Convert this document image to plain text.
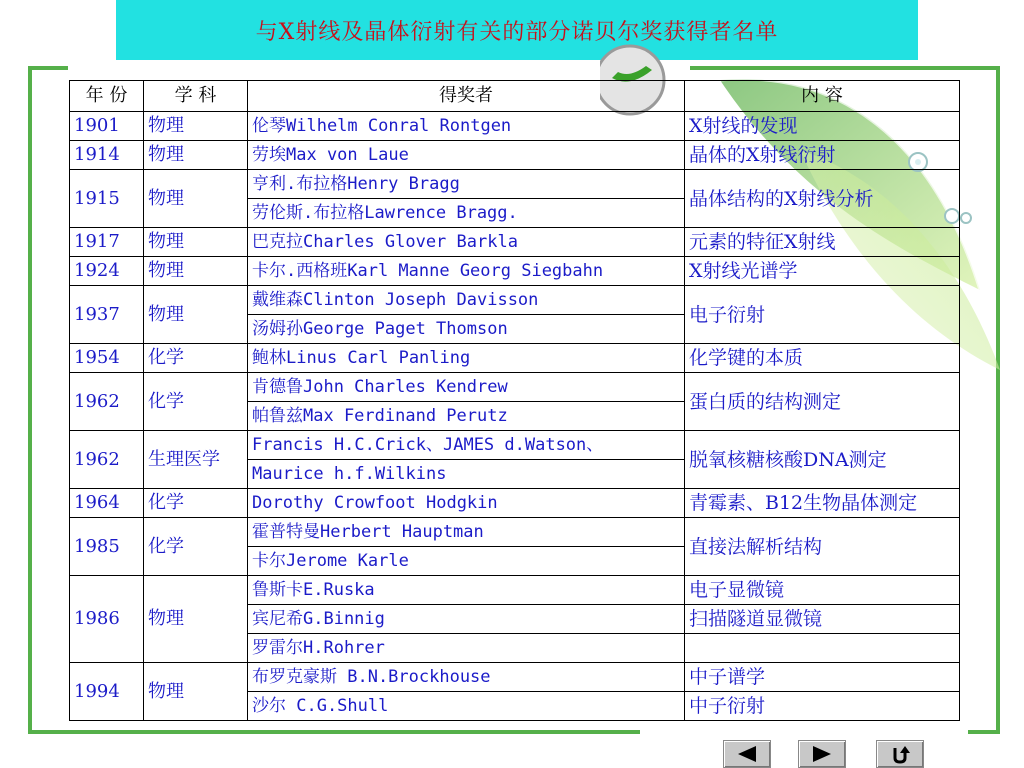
与X射线及晶体衍射有关的部分诺贝尔奖获得者名单
年 份	学 科	得奖者	内 容
1901	物理	伦琴Wilhelm Conral Rontgen	X射线的发现
1914	物理	劳埃Max von Laue	晶体的X射线衍射
1915	物理	亨利.布拉格Henry Bragg	晶体结构的X射线分析
		劳伦斯.布拉格Lawrence Bragg.	
1917	物理	巴克拉Charles Glover Barkla	元素的特征X射线
1924	物理	卡尔.西格班Karl Manne Georg Siegbahn	X射线光谱学
1937	物理	戴维森Clinton Joseph Davisson	电子衍射
		汤姆孙George Paget Thomson	
1954	化学	鲍林Linus Carl Panling	化学键的本质
1962	化学	肯德鲁John Charles Kendrew	蛋白质的结构测定
		帕鲁兹Max Ferdinand Perutz	
1962	生理医学	Francis H.C.Crick、JAMES d.Watson、	脱氧核糖核酸DNA测定
		Maurice h.f.Wilkins	
1964	化学	Dorothy Crowfoot Hodgkin	青霉素、B12生物晶体测定
1985	化学	霍普特曼Herbert Hauptman	直接法解析结构
		卡尔Jerome Karle	
1986	物理	鲁斯卡E.Ruska	电子显微镜
		宾尼希G.Binnig	扫描隧道显微镜
		罗雷尔H.Rohrer	
1994	物理	布罗克豪斯 B.N.Brockhouse	中子谱学
		沙尔 C.G.Shull	中子衍射
